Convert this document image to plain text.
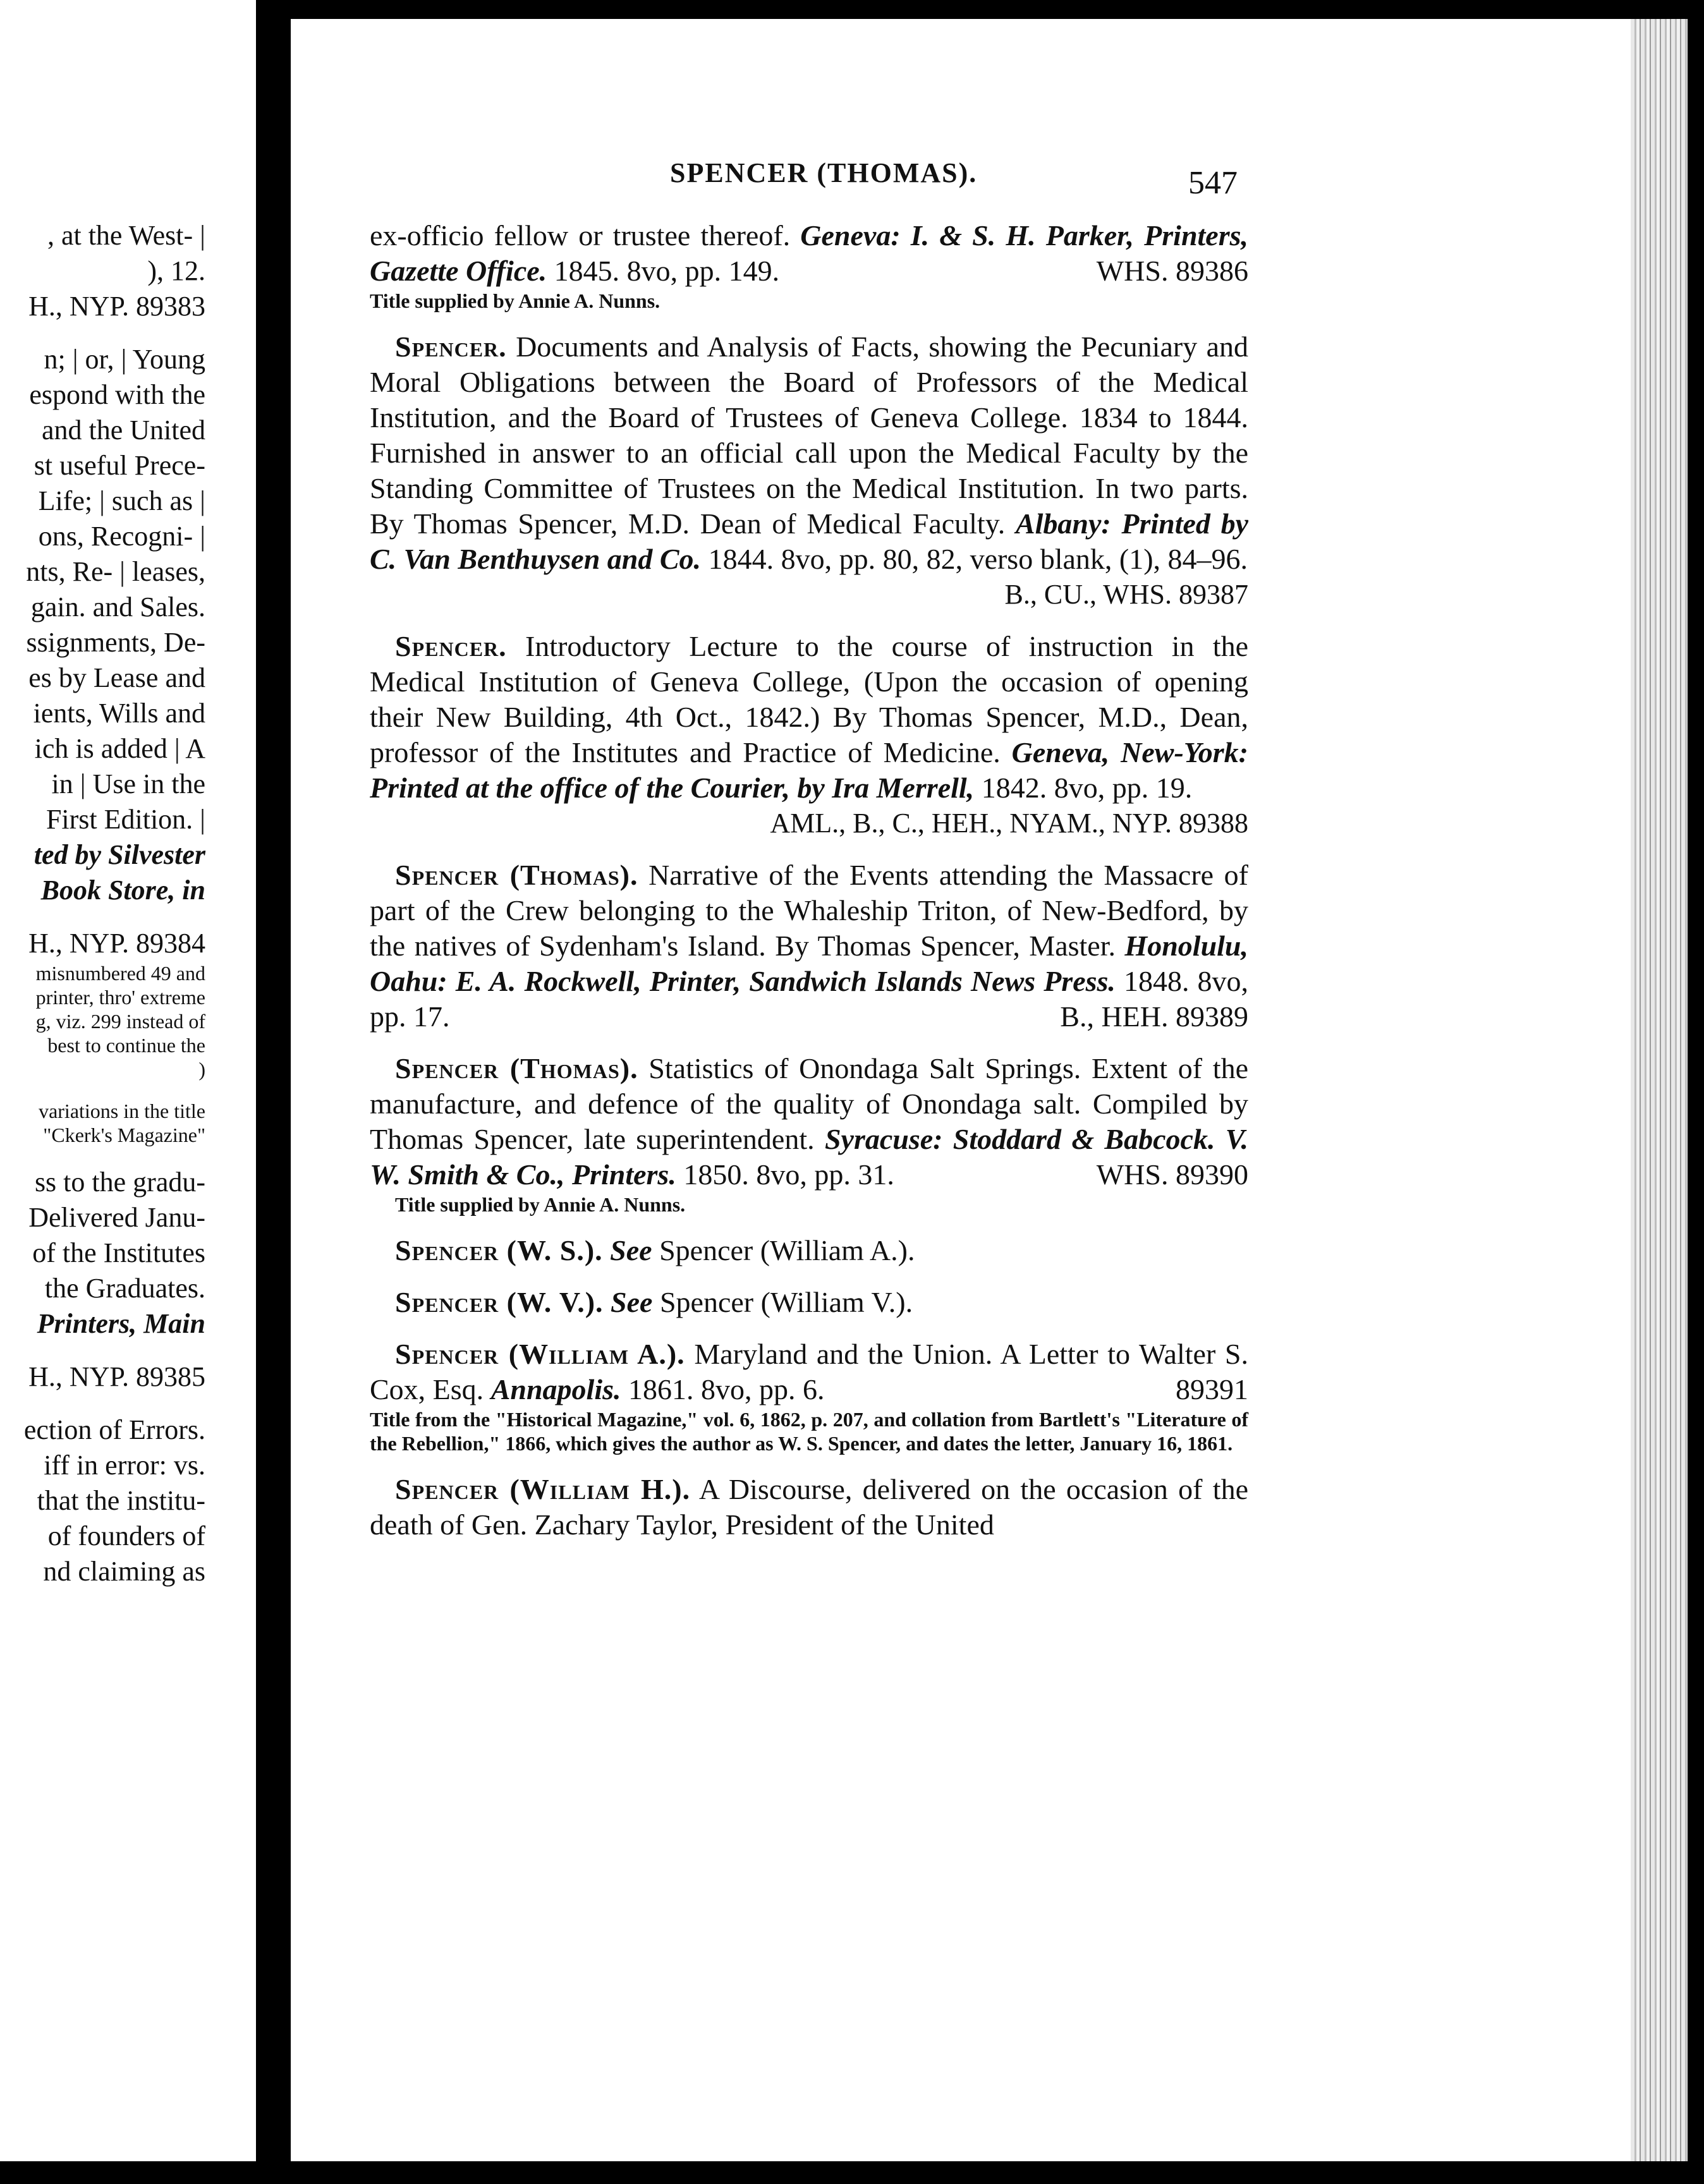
, at the West- |
), 12.
H., NYP. 89383
n; | or, | Young
espond with the
and the United
st useful Prece-
Life; | such as |
ons, Recogni- |
nts, Re- | leases,
gain. and Sales.
ssignments, De-
es by Lease and
ients, Wills and
ich is added | A
in | Use in the
First Edition. |
ted by Silvester
Book Store, in
H., NYP. 89384
misnumbered 49 and
printer, thro' extreme
g, viz. 299 instead of
best to continue the
)
variations in the title
"Ckerk's Magazine"
ss to the gradu-
Delivered Janu-
of the Institutes
the Graduates.
Printers, Main
H., NYP. 89385
ection of Errors.
iff in error: vs.
that the institu-
of founders of
nd claiming as
SPENCER (THOMAS).	547

ex-officio fellow or trustee thereof. Geneva: I. & S. H. Parker, Printers, Gazette Office. 1845. 8vo, pp. 149.	WHS. 89386

Title supplied by Annie A. Nunns.

Spencer. Documents and Analysis of Facts, showing the Pecuniary and Moral Obligations between the Board of Professors of the Medical Institution, and the Board of Trustees of Geneva College. 1834 to 1844. Furnished in answer to an official call upon the Medical Faculty by the Standing Committee of Trustees on the Medical Institution. In two parts. By Thomas Spencer, M.D. Dean of Medical Faculty. Albany: Printed by C. Van Benthuysen and Co. 1844. 8vo, pp. 80, 82, verso blank, (1), 84–96.

B., CU., WHS. 89387

Spencer. Introductory Lecture to the course of instruction in the Medical Institution of Geneva College, (Upon the occasion of opening their New Building, 4th Oct., 1842.) By Thomas Spencer, M.D., Dean, professor of the Institutes and Practice of Medicine. Geneva, New-York: Printed at the office of the Courier, by Ira Merrell, 1842. 8vo, pp. 19.

AML., B., C., HEH., NYAM., NYP. 89388

Spencer (Thomas). Narrative of the Events attending the Massacre of part of the Crew belonging to the Whaleship Triton, of New-Bedford, by the natives of Sydenham's Island. By Thomas Spencer, Master. Honolulu, Oahu: E. A. Rockwell, Printer, Sandwich Islands News Press. 1848. 8vo, pp. 17.	B., HEH. 89389

Spencer (Thomas). Statistics of Onondaga Salt Springs. Extent of the manufacture, and defence of the quality of Onondaga salt. Compiled by Thomas Spencer, late superintendent. Syracuse: Stoddard & Babcock. V. W. Smith & Co., Printers. 1850. 8vo, pp. 31.	WHS. 89390

Title supplied by Annie A. Nunns.

Spencer (W. S.). See Spencer (William A.).

Spencer (W. V.). See Spencer (William V.).

Spencer (William A.). Maryland and the Union. A Letter to Walter S. Cox, Esq. Annapolis. 1861. 8vo, pp. 6.	89391

Title from the "Historical Magazine," vol. 6, 1862, p. 207, and collation from Bartlett's "Literature of the Rebellion," 1866, which gives the author as W. S. Spencer, and dates the letter, January 16, 1861.

Spencer (William H.). A Discourse, delivered on the occasion of the death of Gen. Zachary Taylor, President of the United
